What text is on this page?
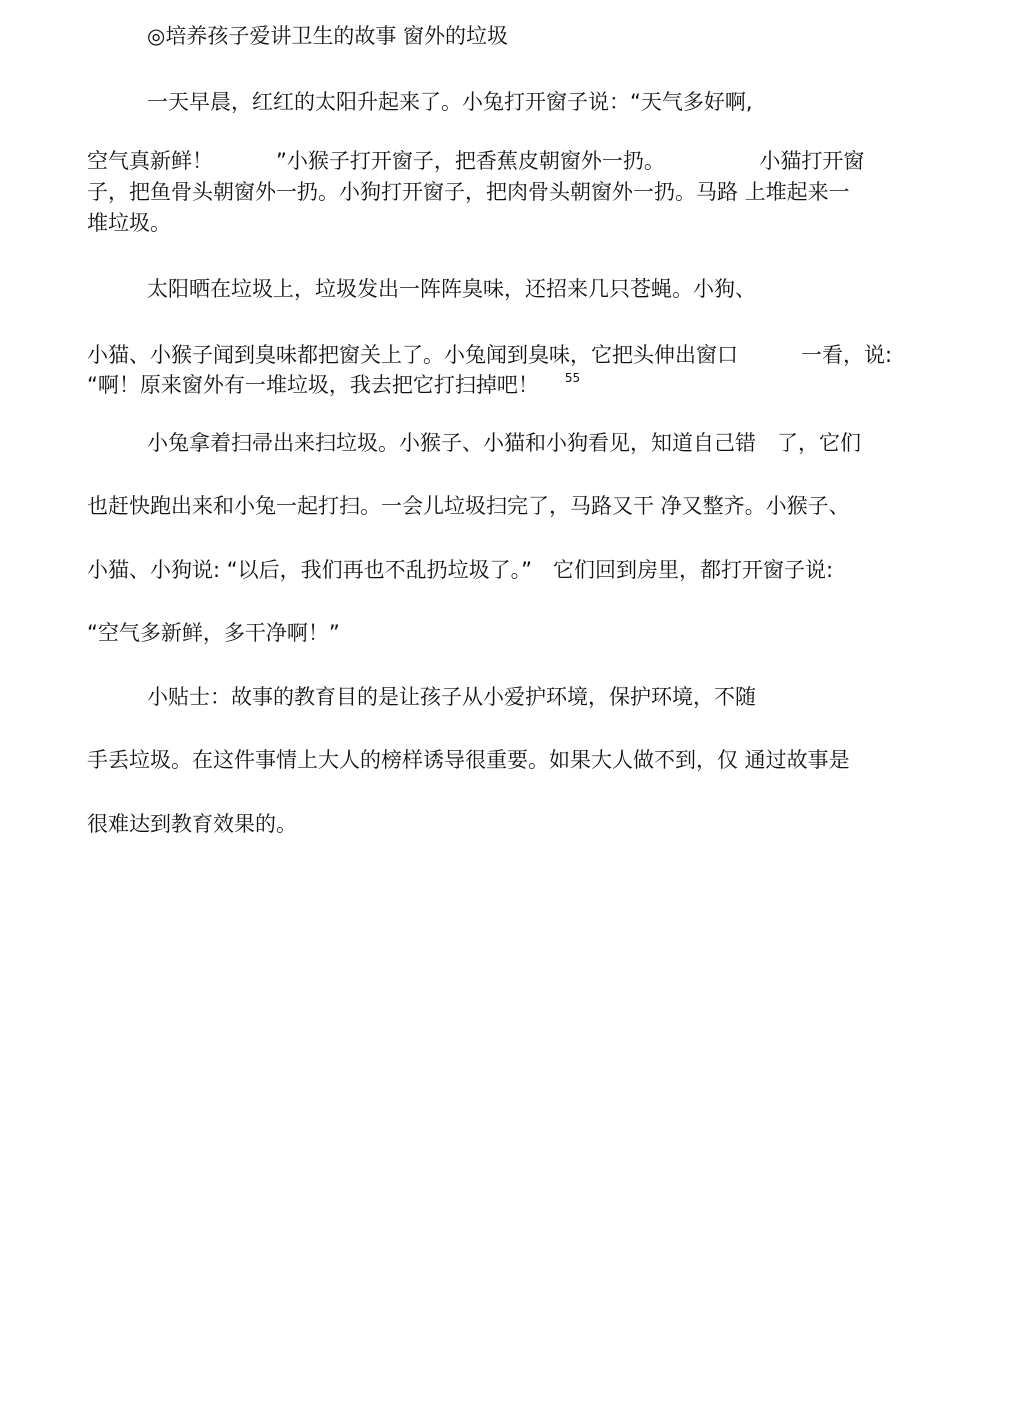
◎培养孩子爱讲卫生的故事 窗外的垃圾
一天早晨，红红的太阳升起来了。小兔打开窗子说：“天气多好啊,
空气真新鲜！　　　”小猴子打开窗子，把香蕉皮朝窗外一扔。　　　　　小猫打开窗
子，把鱼骨头朝窗外一扔。小狗打开窗子，把肉骨头朝窗外一扔。马路 上堆起来一
堆垃圾。
太阳晒在垃圾上，垃圾发出一阵阵臭味，还招来几只苍蝇。小狗、
小猫、小猴子闻到臭味都把窗关上了。小兔闻到臭味，它把头伸出窗口　　　一看，说:
“啊！原来窗外有一堆垃圾，我去把它打扫掉吧！ $^{55}$
小兔拿着扫帚出来扫垃圾。小猴子、小猫和小狗看见，知道自己错　了，它们
也赶快跑出来和小兔一起打扫。一会儿垃圾扫完了，马路又干 净又整齐。小猴子、
小猫、小狗说: “以后，我们再也不乱扔垃圾了。”　它们回到房里，都打开窗子说:
“空气多新鲜，多干净啊！”
小贴士：故事的教育目的是让孩子从小爱护环境，保护环境，不随
手丢垃圾。在这件事情上大人的榜样诱导很重要。如果大人做不到，仅 通过故事是
很难达到教育效果的。
